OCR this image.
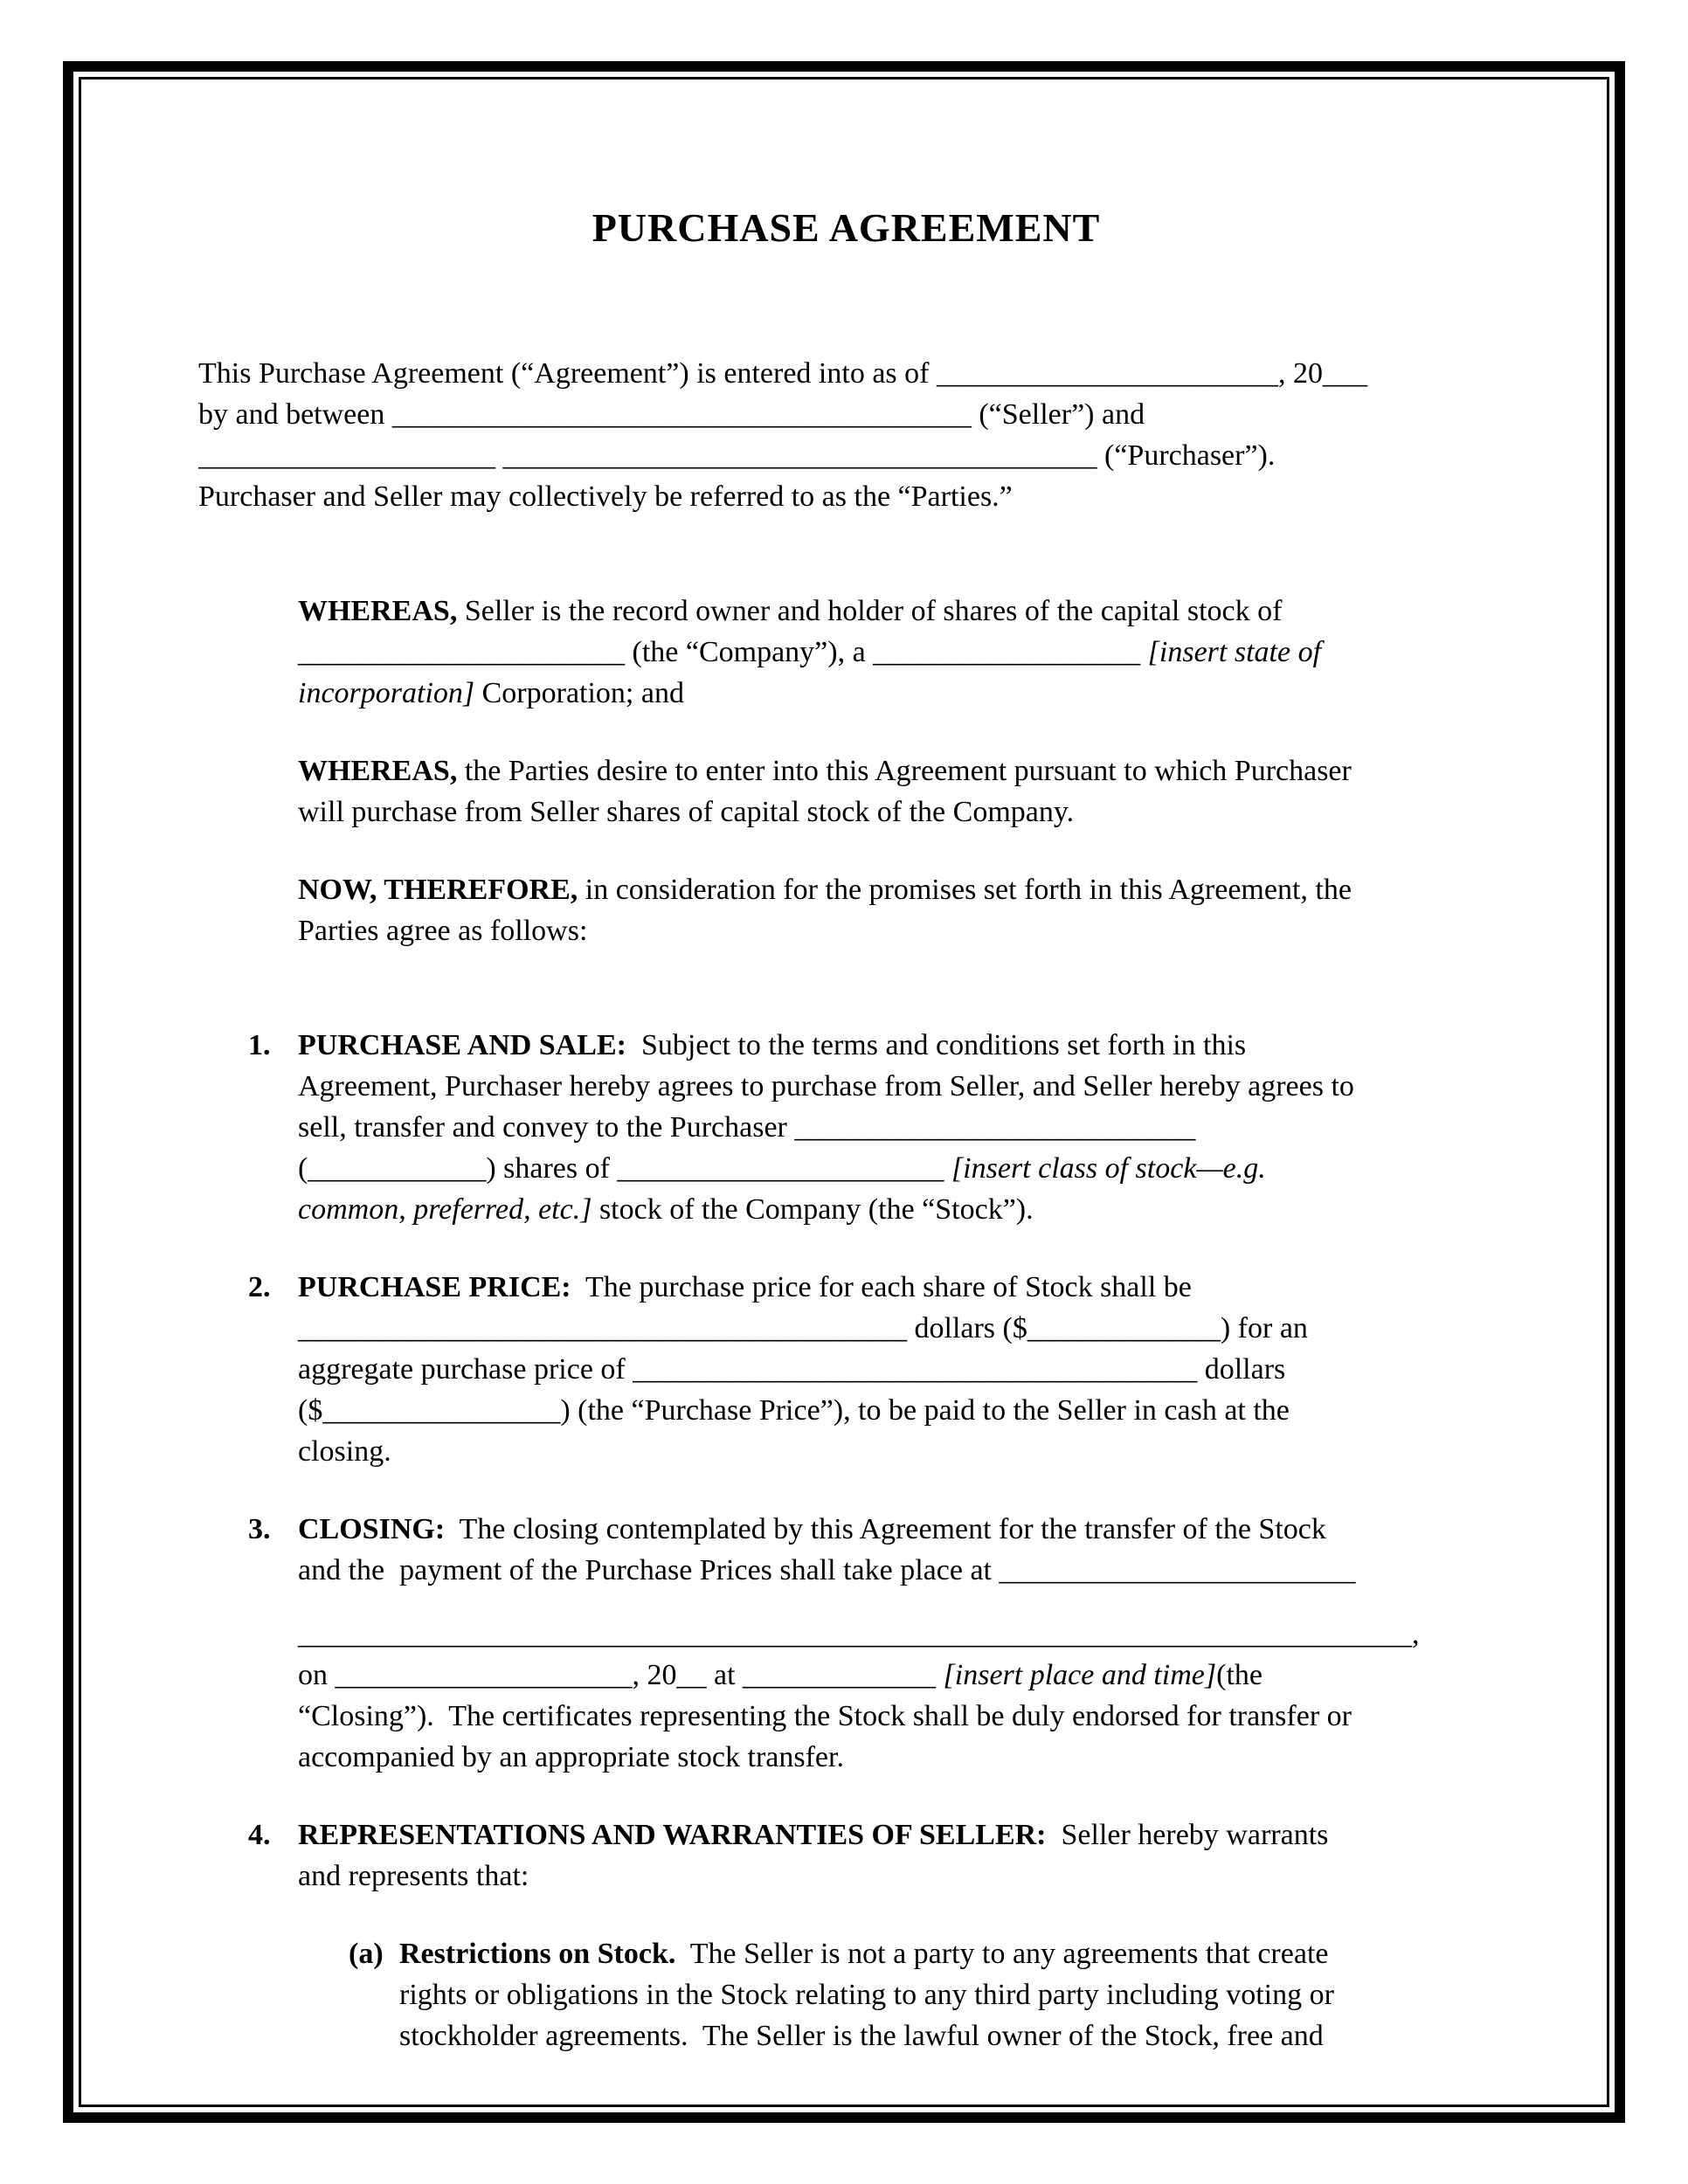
PURCHASE AGREEMENT
This Purchase Agreement (“Agreement”) is entered into as of _______________________, 20___
by and between _______________________________________ (“Seller”) and
____________________ ________________________________________ (“Purchaser”).
Purchaser and Seller may collectively be referred to as the “Parties.”
WHEREAS, Seller is the record owner and holder of shares of the capital stock of
______________________ (the “Company”), a __________________ [insert state of
incorporation] Corporation; and
WHEREAS, the Parties desire to enter into this Agreement pursuant to which Purchaser
will purchase from Seller shares of capital stock of the Company.
NOW, THEREFORE, in consideration for the promises set forth in this Agreement, the
Parties agree as follows:
1. PURCHASE AND SALE:  Subject to the terms and conditions set forth in this
Agreement, Purchaser hereby agrees to purchase from Seller, and Seller hereby agrees to
sell, transfer and convey to the Purchaser ___________________________
(____________) shares of ______________________ [insert class of stock—e.g.
common, preferred, etc.] stock of the Company (the “Stock”).
2. PURCHASE PRICE:  The purchase price for each share of Stock shall be
_________________________________________ dollars ($_____________) for an
aggregate purchase price of ______________________________________ dollars
($________________) (the “Purchase Price”), to be paid to the Seller in cash at the
closing.
3. CLOSING:  The closing contemplated by this Agreement for the transfer of the Stock
and the  payment of the Purchase Prices shall take place at ________________________
___________________________________________________________________________,
on ____________________, 20__ at _____________ [insert place and time](the
“Closing”).  The certificates representing the Stock shall be duly endorsed for transfer or
accompanied by an appropriate stock transfer.
4. REPRESENTATIONS AND WARRANTIES OF SELLER:  Seller hereby warrants
and represents that:
(a) Restrictions on Stock.  The Seller is not a party to any agreements that create
rights or obligations in the Stock relating to any third party including voting or
stockholder agreements.  The Seller is the lawful owner of the Stock, free and
